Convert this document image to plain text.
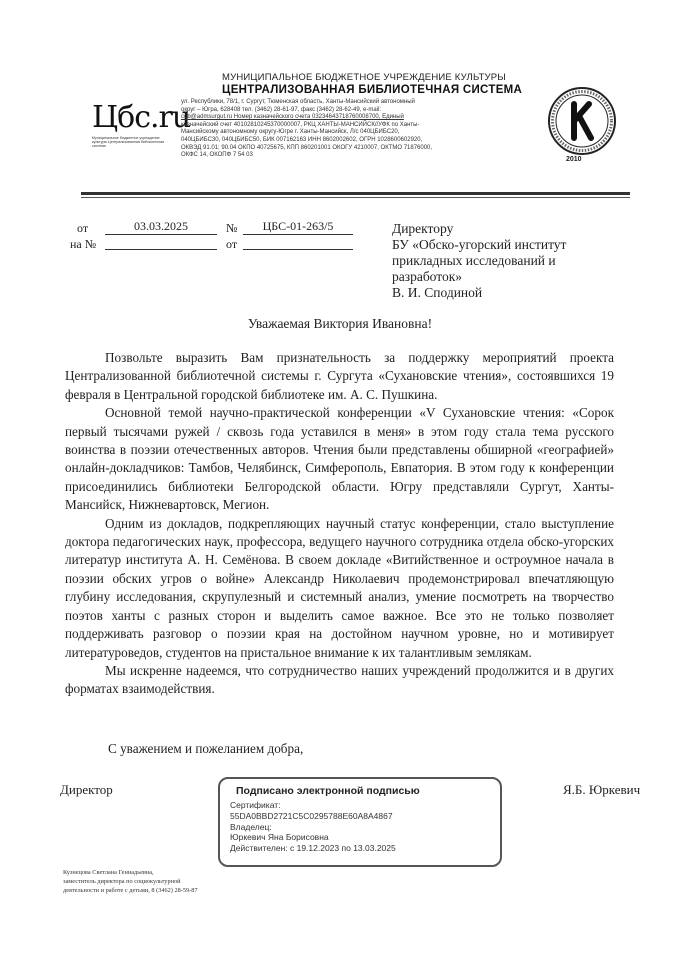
Цбс.ru
Муниципальное бюджетное учреждение культуры Централизованная библиотечная система
МУНИЦИПАЛЬНОЕ БЮДЖЕТНОЕ УЧРЕЖДЕНИЕ КУЛЬТУРЫ
ЦЕНТРАЛИЗОВАННАЯ БИБЛИОТЕЧНАЯ СИСТЕМА
ул. Республики, 78/1, г. Сургут, Тюменская область, Ханты-Мансийский автономный
округ – Югра, 628408 тел. (3462) 28-61-97, факс (3462) 28-62-49, e-mail:
cgb@admsurgut.ru Номер казначейского счета 03234643718760008700, Единый
казначейский счет 40102810245370000007, РКЦ ХАНТЫ-МАНСИЙСК//УФК по Ханты-
Мансийскому автономному округу-Югре г. Ханты-Мансийск, Л/с 040ЦБИБС20,
040ЦБИБС30, 040ЦБИБС50, БИК 007162163 ИНН 8602002602, ОГРН 1028600602920,
ОКВЭД 91.01; 90.04 ОКПО 40725675, КПП 860201001 ОКОГУ 4210007, ОКТМО 71876000,
ОКФС 14, ОКОПФ 7 54 03
2010
от	03.03.2025	№	ЦБС-01-263/5
на №	от
Директору
БУ «Обско-угорский институт
прикладных исследований и
разработок»
В. И. Сподиной
Уважаемая Виктория Ивановна!

Позвольте выразить Вам признательность за поддержку мероприятий проекта Централизованной библиотечной системы г. Сургута «Сухановские чтения», состоявшихся 19 февраля в Центральной городской библиотеке им. А. С. Пушкина.

Основной темой научно-практической конференции «V Сухановские чтения: «Сорок первый тысячами ружей / сквозь года уставился в меня» в этом году стала тема русского воинства в поэзии отечественных авторов. Чтения были представлены обширной «географией» онлайн-докладчиков: Тамбов, Челябинск, Симферополь, Евпатория. В этом году к конференции присоединились библиотеки Белгородской области. Югру представляли Сургут, Ханты-Мансийск, Нижневартовск, Мегион.

Одним из докладов, подкрепляющих научный статус конференции, стало выступление доктора педагогических наук, профессора, ведущего научного сотрудника отдела обско-угорских литератур института А. Н. Семёнова. В своем докладе «Витийственное и остроумное начала в поэзии обских угров о войне» Александр Николаевич продемонстрировал впечатляющую глубину исследования, скрупулезный и системный анализ, умение посмотреть на творчество поэтов ханты с разных сторон и выделить самое важное. Все это не только позволяет поддерживать разговор о поэзии края на достойном научном уровне, но и мотивирует литературоведов, студентов на пристальное внимание к их талантливым землякам.

Мы искренне надеемся, что сотрудничество наших учреждений продолжится и в других форматах взаимодействия.

С уважением и пожеланием добра,
Директор	Я.Б. Юркевич
Подписано электронной подписью
Сертификат:
55DA0BBD2721C5C0295788E60A8A4867
Владелец:
Юркевич Яна Борисовна
Действителен: с 19.12.2023 по 13.03.2025
Кузнецова Светлана Геннадьевна,
заместитель директора по социокультурной
деятельности и работе с детьми, 8 (3462) 28-59-87
